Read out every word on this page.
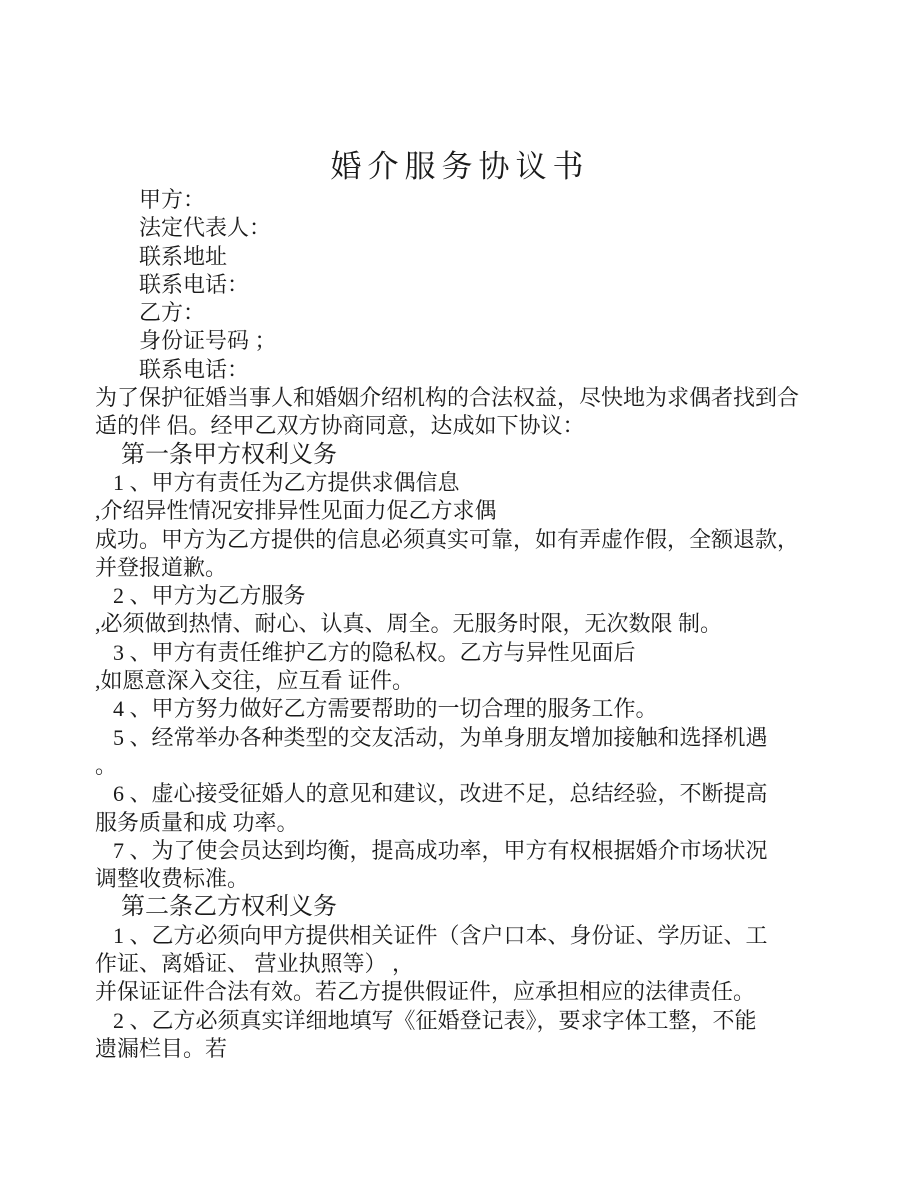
婚介服务协议书
甲方：
法定代表人：
联系地址
联系电话：
乙方：
身份证号码 ；
联系电话：
为了保护征婚当事人和婚姻介绍机构的合法权益，尽快地为求偶者找到合
适的伴 侣。经甲乙双方协商同意，达成如下协议：
第一条甲方权利义务
1 、甲方有责任为乙方提供求偶信息
,介绍异性情况安排异性见面力促乙方求偶
成功。甲方为乙方提供的信息必须真实可靠，如有弄虚作假，全额退款，
并登报道歉。
2 、甲方为乙方服务
,必须做到热情、耐心、认真、周全。无服务时限，无次数限 制。
3 、甲方有责任维护乙方的隐私权。乙方与异性见面后
,如愿意深入交往，应互看 证件。
4 、甲方努力做好乙方需要帮助的一切合理的服务工作。
5 、经常举办各种类型的交友活动，为单身朋友增加接触和选择机遇
。
6 、虚心接受征婚人的意见和建议，改进不足，总结经验，不断提高
服务质量和成 功率。
7 、为了使会员达到均衡，提高成功率，甲方有权根据婚介市场状况
调整收费标准。
第二条乙方权利义务
1 、乙方必须向甲方提供相关证件（含户口本、身份证、学历证、工
作证、离婚证、 营业执照等） ，
并保证证件合法有效。若乙方提供假证件，应承担相应的法律责任。
2 、乙方必须真实详细地填写《征婚登记表》，要求字体工整，不能
遗漏栏目。若
